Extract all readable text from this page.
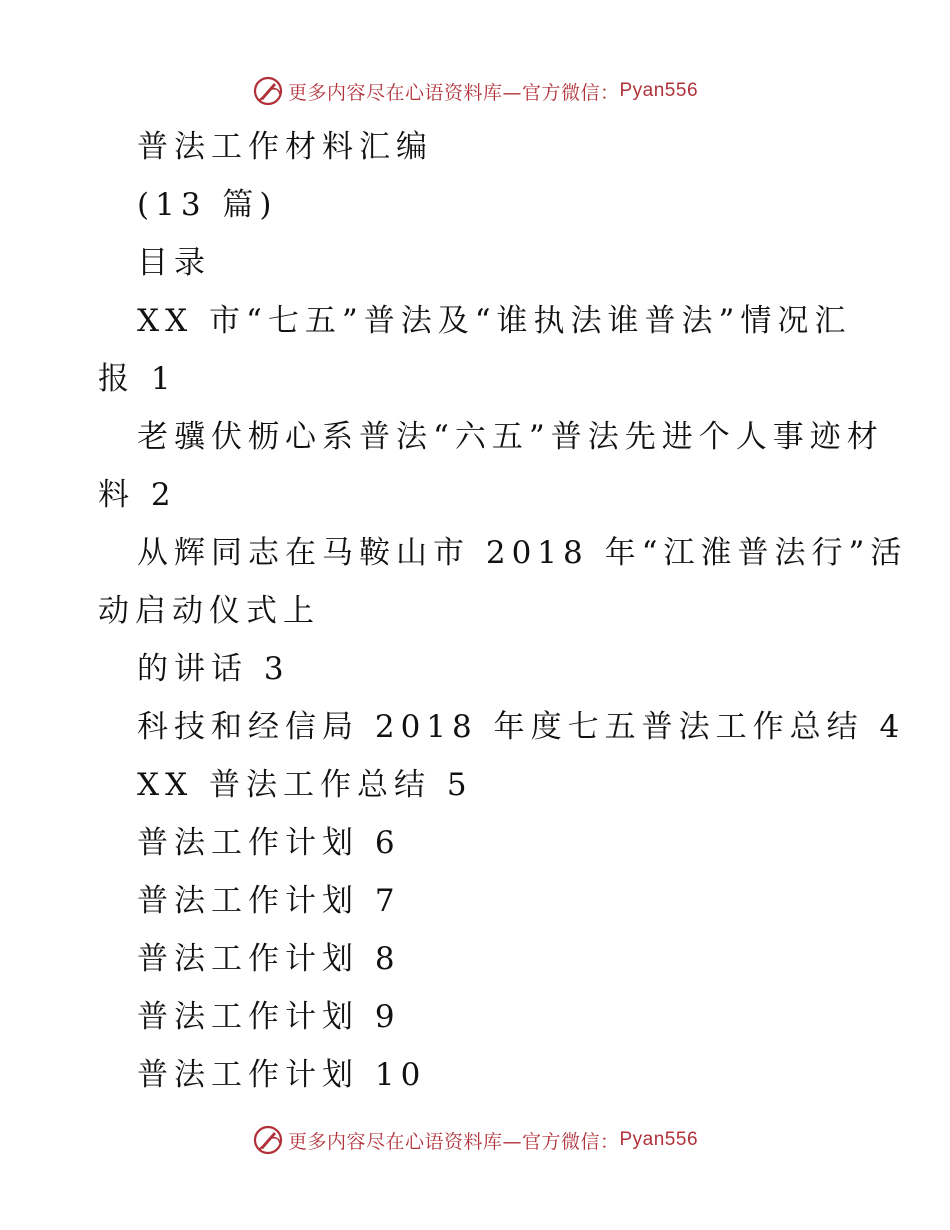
更多内容尽在心语资料库—官方微信： Pyan556
普法工作材料汇编
(13 篇)
目录
XX 市“七五”普法及“谁执法谁普法”情况汇
报 1
老骥伏枥心系普法“六五”普法先进个人事迹材
料 2
从辉同志在马鞍山市 2018 年“江淮普法行”活
动启动仪式上
的讲话 3
科技和经信局 2018 年度七五普法工作总结 4
XX 普法工作总结 5
普法工作计划 6
普法工作计划 7
普法工作计划 8
普法工作计划 9
普法工作计划 10
更多内容尽在心语资料库—官方微信： Pyan556
